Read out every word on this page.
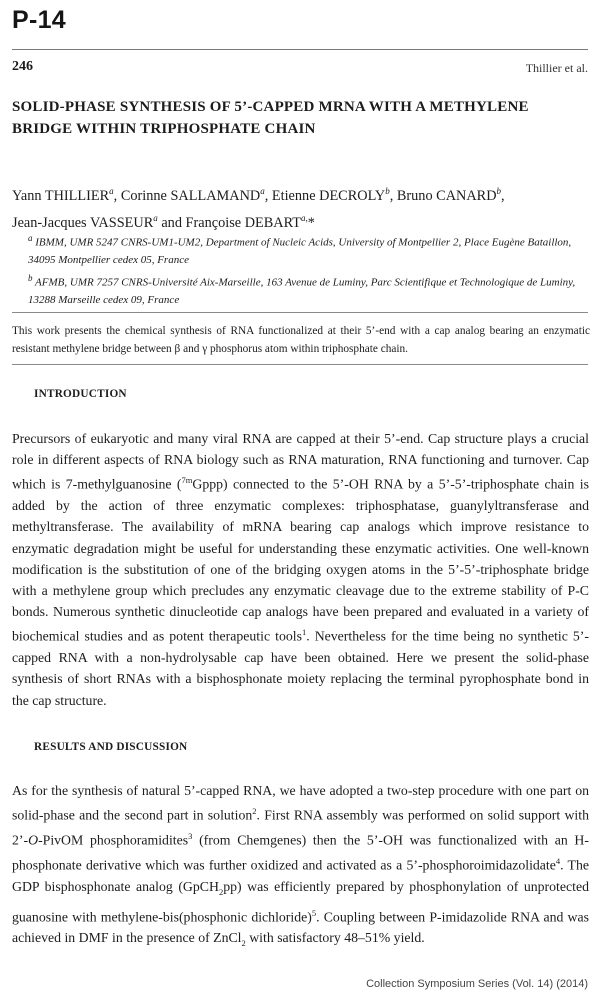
P-14
246	Thillier et al.
SOLID-PHASE SYNTHESIS OF 5’-CAPPED MRNA WITH A METHYLENE BRIDGE WITHIN TRIPHOSPHATE CHAIN
Yann THILLIER$^a$, Corinne SALLAMAND$^a$, Etienne DECROLY$^b$, Bruno CANARD$^b$,
Jean-Jacques VASSEUR$^a$ and Françoise $DEBART^{a,}*$
$^a$ IBMM, UMR 5247 CNRS-UM1-UM2, Department of Nucleic Acids, University of Montpellier 2, Place Eugène Bataillon, 34095 Montpellier cedex 05, France
$^b$ AFMB, UMR 7257 CNRS-Université Aix-Marseille, 163 Avenue de Luminy, Parc Scientifique et Technologique de Luminy, 13288 Marseille cedex 09, France
This work presents the chemical synthesis of RNA functionalized at their 5’-end with a cap analog bearing an enzymatic resistant methylene bridge between β and γ phosphorus atom within triphosphate chain.
INTRODUCTION
Precursors of eukaryotic and many viral RNA are capped at their 5’-end. Cap structure plays a crucial role in different aspects of RNA biology such as RNA maturation, RNA functioning and turnover. Cap which is 7-methylguanosine ($^{7m}$Gppp) connected to the 5’-OH RNA by a 5’-5’-triphosphate chain is added by the action of three enzymatic complexes: triphosphatase, guanylyltransferase and methyltransferase. The availability of mRNA bearing cap analogs which improve resistance to enzymatic degradation might be useful for understanding these enzymatic activities. One well-known modification is the substitution of one of the bridging oxygen atoms in the 5’-5’-triphosphate bridge with a methylene group which precludes any enzymatic cleavage due to the extreme stability of P-C bonds. Numerous synthetic dinucleotide cap analogs have been prepared and evaluated in a variety of biochemical studies and as potent therapeutic tools$^1$. Nevertheless for the time being no synthetic 5’-capped RNA with a non-hydrolysable cap have been obtained. Here we present the solid-phase synthesis of short RNAs with a bisphosphonate moiety replacing the terminal pyrophosphate bond in the cap structure.
RESULTS AND DISCUSSION
As for the synthesis of natural 5’-capped RNA, we have adopted a two-step procedure with one part on solid-phase and the second part in solution$^2$. First RNA assembly was performed on solid support with 2’-O-PivOM phosphoramidites$^3$ (from Chemgenes) then the 5’-OH was functionalized with an H-phosphonate derivative which was further oxidized and activated as a 5’-phosphoroimidazolidate$^4$. The GDP bisphosphonate analog (GpCH$_2$pp) was efficiently prepared by phosphonylation of unprotected guanosine with methylene-bis(phosphonic dichloride)$^5$. Coupling between P-imidazolide RNA and was achieved in DMF in the presence of ZnCl$_2$ with satisfactory 48–51% yield.
Collection Symposium Series (Vol. 14) (2014)
